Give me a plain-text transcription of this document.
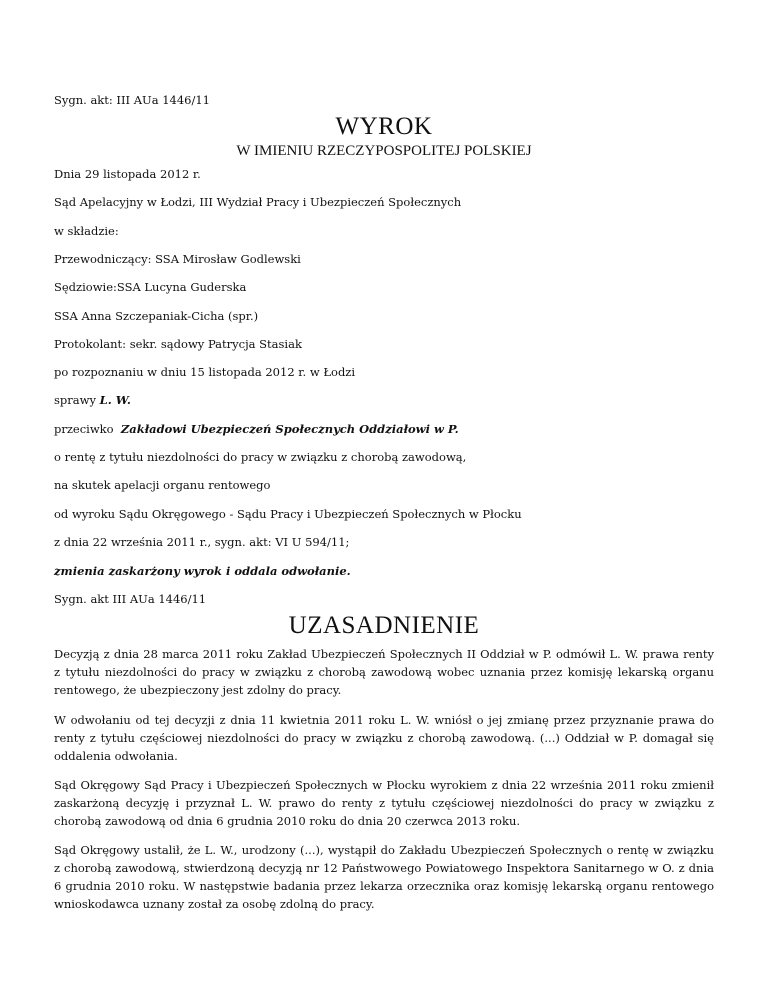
Sygn. akt: III AUa 1446/11
WYROK
W IMIENIU RZECZYPOSPOLITEJ POLSKIEJ
Dnia 29 listopada 2012 r.
Sąd Apelacyjny w Łodzi, III Wydział Pracy i Ubezpieczeń Społecznych
w składzie:
Przewodniczący: SSA Mirosław Godlewski
Sędziowie:SSA Lucyna Guderska
SSA Anna Szczepaniak-Cicha (spr.)
Protokolant: sekr. sądowy Patrycja Stasiak
po rozpoznaniu w dniu 15 listopada 2012 r. w Łodzi
sprawy L. W.
przeciwko  Zakładowi Ubezpieczeń Społecznych Oddziałowi w P.
o rentę z tytułu niezdolności do pracy w związku z chorobą zawodową,
na skutek apelacji organu rentowego
od wyroku Sądu Okręgowego - Sądu Pracy i Ubezpieczeń Społecznych w Płocku
z dnia 22 września 2011 r., sygn. akt: VI U 594/11;
zmienia zaskarżony wyrok i oddala odwołanie.
Sygn. akt III AUa 1446/11
UZASADNIENIE
Decyzją z dnia 28 marca 2011 roku Zakład Ubezpieczeń Społecznych II Oddział w P. odmówił L. W. prawa renty z tytułu niezdolności do pracy w związku z chorobą zawodową wobec uznania przez komisję lekarską organu rentowego, że ubezpieczony jest zdolny do pracy.
W odwołaniu od tej decyzji z dnia 11 kwietnia 2011 roku L. W. wniósł o jej zmianę przez przyznanie prawa do renty z tytułu częściowej niezdolności do pracy w związku z chorobą zawodową. (...) Oddział w P. domagał się oddalenia odwołania.
Sąd Okręgowy Sąd Pracy i Ubezpieczeń Społecznych w Płocku wyrokiem z dnia 22 września 2011 roku zmienił zaskarżoną decyzję i przyznał L. W. prawo do renty z tytułu częściowej niezdolności do pracy w związku z chorobą zawodową od dnia 6 grudnia 2010 roku do dnia 20 czerwca 2013 roku.
Sąd Okręgowy ustalił, że L. W., urodzony (...), wystąpił do Zakładu Ubezpieczeń Społecznych o rentę w związku z chorobą zawodową, stwierdzoną decyzją nr 12 Państwowego Powiatowego Inspektora Sanitarnego w O. z dnia 6 grudnia 2010 roku. W następstwie badania przez lekarza orzecznika oraz komisję lekarską organu rentowego wnioskodawca uznany został za osobę zdolną do pracy.
